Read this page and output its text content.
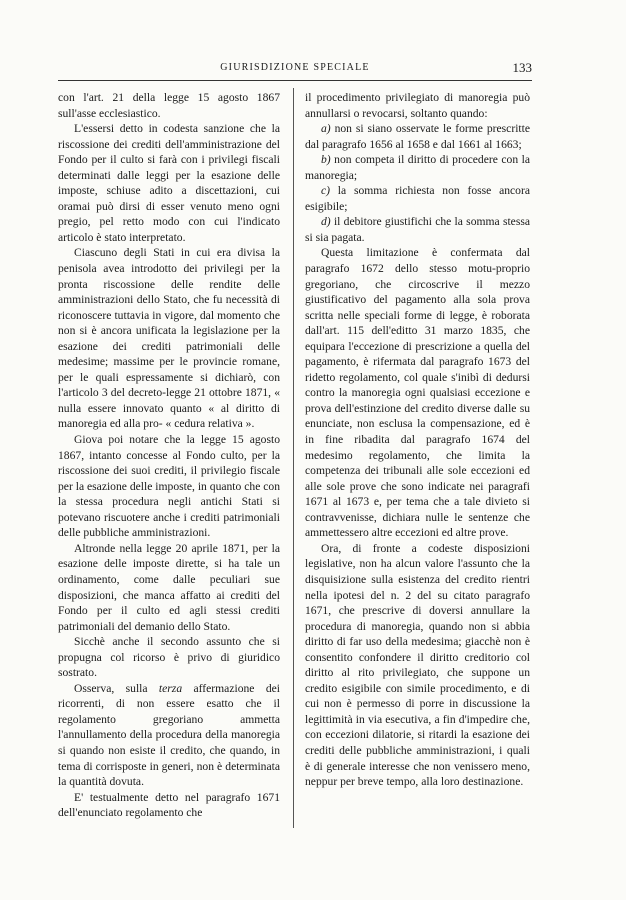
GIURISDIZIONE SPECIALE	133

con l'art. 21 della legge 15 agosto 1867 sull'asse ecclesiastico.

L'essersi detto in codesta sanzione che la riscossione dei crediti dell'amministrazione del Fondo per il culto si farà con i privilegi fiscali determinati dalle leggi per la esazione delle imposte, schiuse adito a discettazioni, cui oramai può dirsi di esser venuto meno ogni pregio, pel retto modo con cui l'indicato articolo è stato interpretato.

Ciascuno degli Stati in cui era divisa la penisola avea introdotto dei privilegi per la pronta riscossione delle rendite delle amministrazioni dello Stato, che fu necessità di riconoscere tuttavia in vigore, dal momento che non si è ancora unificata la legislazione per la esazione dei crediti patrimoniali delle medesime; massime per le provincie romane, per le quali espressamente si dichiarò, con l'articolo 3 del decreto-legge 21 ottobre 1871, « nulla essere innovato quanto « al diritto di manoregia ed alla pro- « cedura relativa ».

Giova poi notare che la legge 15 agosto 1867, intanto concesse al Fondo culto, per la riscossione dei suoi crediti, il privilegio fiscale per la esazione delle imposte, in quanto che con la stessa procedura negli antichi Stati si potevano riscuotere anche i crediti patrimoniali delle pubbliche amministrazioni.

Altronde nella legge 20 aprile 1871, per la esazione delle imposte dirette, si ha tale un ordinamento, come dalle peculiari sue disposizioni, che manca affatto ai crediti del Fondo per il culto ed agli stessi crediti patrimoniali del demanio dello Stato.

Sicchè anche il secondo assunto che si propugna col ricorso è privo di giuridico sostrato.

Osserva, sulla terza affermazione dei ricorrenti, di non essere esatto che il regolamento gregoriano ammetta l'annullamento della procedura della manoregia si quando non esiste il credito, che quando, in tema di corrisposte in generi, non è determinata la quantità dovuta.

E' testualmente detto nel paragrafo 1671 dell'enunciato regolamento che

il procedimento privilegiato di manoregia può annullarsi o revocarsi, soltanto quando:

a) non si siano osservate le forme prescritte dal paragrafo 1656 al 1658 e dal 1661 al 1663;

b) non competa il diritto di procedere con la manoregia;

c) la somma richiesta non fosse ancora esigibile;

d) il debitore giustifichi che la somma stessa si sia pagata.

Questa limitazione è confermata dal paragrafo 1672 dello stesso motu-proprio gregoriano, che circoscrive il mezzo giustificativo del pagamento alla sola prova scritta nelle speciali forme di legge, è roborata dall'art. 115 dell'editto 31 marzo 1835, che equipara l'eccezione di prescrizione a quella del pagamento, è rifermata dal paragrafo 1673 del ridetto regolamento, col quale s'inibì di dedursi contro la manoregia ogni qualsiasi eccezione e prova dell'estinzione del credito diverse dalle su enunciate, non esclusa la compensazione, ed è in fine ribadita dal paragrafo 1674 del medesimo regolamento, che limita la competenza dei tribunali alle sole eccezioni ed alle sole prove che sono indicate nei paragrafi 1671 al 1673 e, per tema che a tale divieto si contravvenisse, dichiara nulle le sentenze che ammettessero altre eccezioni ed altre prove.

Ora, di fronte a codeste disposizioni legislative, non ha alcun valore l'assunto che la disquisizione sulla esistenza del credito rientri nella ipotesi del n. 2 del su citato paragrafo 1671, che prescrive di doversi annullare la procedura di manoregia, quando non si abbia diritto di far uso della medesima; giacchè non è consentito confondere il diritto creditorio col diritto al rito privilegiato, che suppone un credito esigibile con simile procedimento, e di cui non è permesso di porre in discussione la legittimità in via esecutiva, a fin d'impedire che, con eccezioni dilatorie, si ritardi la esazione dei crediti delle pubbliche amministrazioni, i quali è di generale interesse che non venissero meno, neppur per breve tempo, alla loro destinazione.
